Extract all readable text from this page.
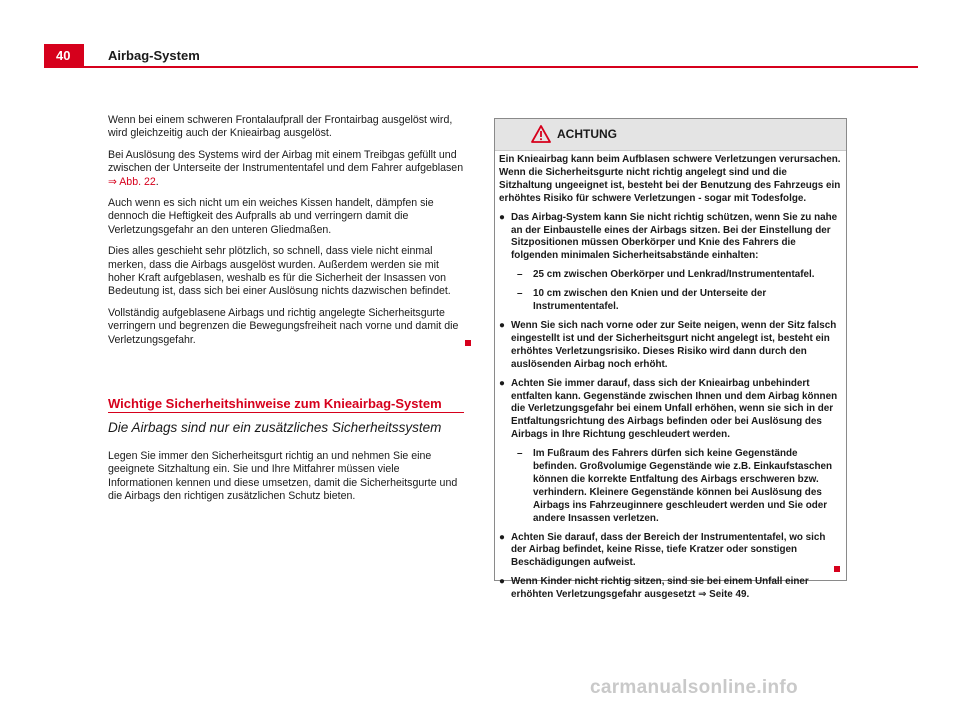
40	Airbag-System

Wenn bei einem schweren Frontalaufprall der Frontairbag ausgelöst wird, wird gleichzeitig auch der Knieairbag ausgelöst.

Bei Auslösung des Systems wird der Airbag mit einem Treibgas gefüllt und zwischen der Unterseite der Instrumententafel und dem Fahrer aufgeblasen ⇒ Abb. 22.

Auch wenn es sich nicht um ein weiches Kissen handelt, dämpfen sie dennoch die Heftigkeit des Aufpralls ab und verringern damit die Verletzungsgefahr an den unteren Gliedmaßen.

Dies alles geschieht sehr plötzlich, so schnell, dass viele nicht einmal merken, dass die Airbags ausgelöst wurden. Außerdem werden sie mit hoher Kraft aufgeblasen, weshalb es für die Sicherheit der Insassen von Bedeutung ist, dass sich bei einer Auslösung nichts dazwischen befindet.

Vollständig aufgeblasene Airbags und richtig angelegte Sicherheitsgurte verringern und begrenzen die Bewegungsfreiheit nach vorne und damit die Verletzungsgefahr.

Wichtige Sicherheitshinweise zum Knieairbag-System
Die Airbags sind nur ein zusätzliches Sicherheitssystem
Legen Sie immer den Sicherheitsgurt richtig an und nehmen Sie eine geeignete Sitzhaltung ein. Sie und Ihre Mitfahrer müssen viele Informationen kennen und diese umsetzen, damit die Sicherheitsgurte und die Airbags den richtigen zusätzlichen Schutz bieten.
ACHTUNG

Ein Knieairbag kann beim Aufblasen schwere Verletzungen verursachen. Wenn die Sicherheitsgurte nicht richtig angelegt sind und die Sitzhaltung ungeeignet ist, besteht bei der Benutzung des Fahrzeugs ein erhöhtes Risiko für schwere Verletzungen - sogar mit Todesfolge.

● Das Airbag-System kann Sie nicht richtig schützen, wenn Sie zu nahe an der Einbaustelle eines der Airbags sitzen. Bei der Einstellung der Sitzpositionen müssen Oberkörper und Knie des Fahrers die folgenden minimalen Sicherheitsabstände einhalten:
–	25 cm zwischen Oberkörper und Lenkrad/Instrumententafel.
–	10 cm zwischen den Knien und der Unterseite der Instrumententafel.
● Wenn Sie sich nach vorne oder zur Seite neigen, wenn der Sitz falsch eingestellt ist und der Sicherheitsgurt nicht angelegt ist, besteht ein erhöhtes Verletzungsrisiko. Dieses Risiko wird dann durch den auslösenden Airbag noch erhöht.
● Achten Sie immer darauf, dass sich der Knieairbag unbehindert entfalten kann. Gegenstände zwischen Ihnen und dem Airbag können die Verletzungsgefahr bei einem Unfall erhöhen, wenn sie sich in der Entfaltungsrichtung des Airbags befinden oder bei Auslösung des Airbags in Ihre Richtung geschleudert werden.
–	Im Fußraum des Fahrers dürfen sich keine Gegenstände befinden. Großvolumige Gegenstände wie z.B. Einkaufstaschen können die korrekte Entfaltung des Airbags erschweren bzw. verhindern. Kleinere Gegenstände können bei Auslösung des Airbags ins Fahrzeuginnere geschleudert werden und Sie oder andere Insassen verletzen.
● Achten Sie darauf, dass der Bereich der Instrumententafel, wo sich der Airbag befindet, keine Risse, tiefe Kratzer oder sonstigen Beschädigungen aufweist.
● Wenn Kinder nicht richtig sitzen, sind sie bei einem Unfall einer erhöhten Verletzungsgefahr ausgesetzt ⇒ Seite 49.
carmanualsonline.info
